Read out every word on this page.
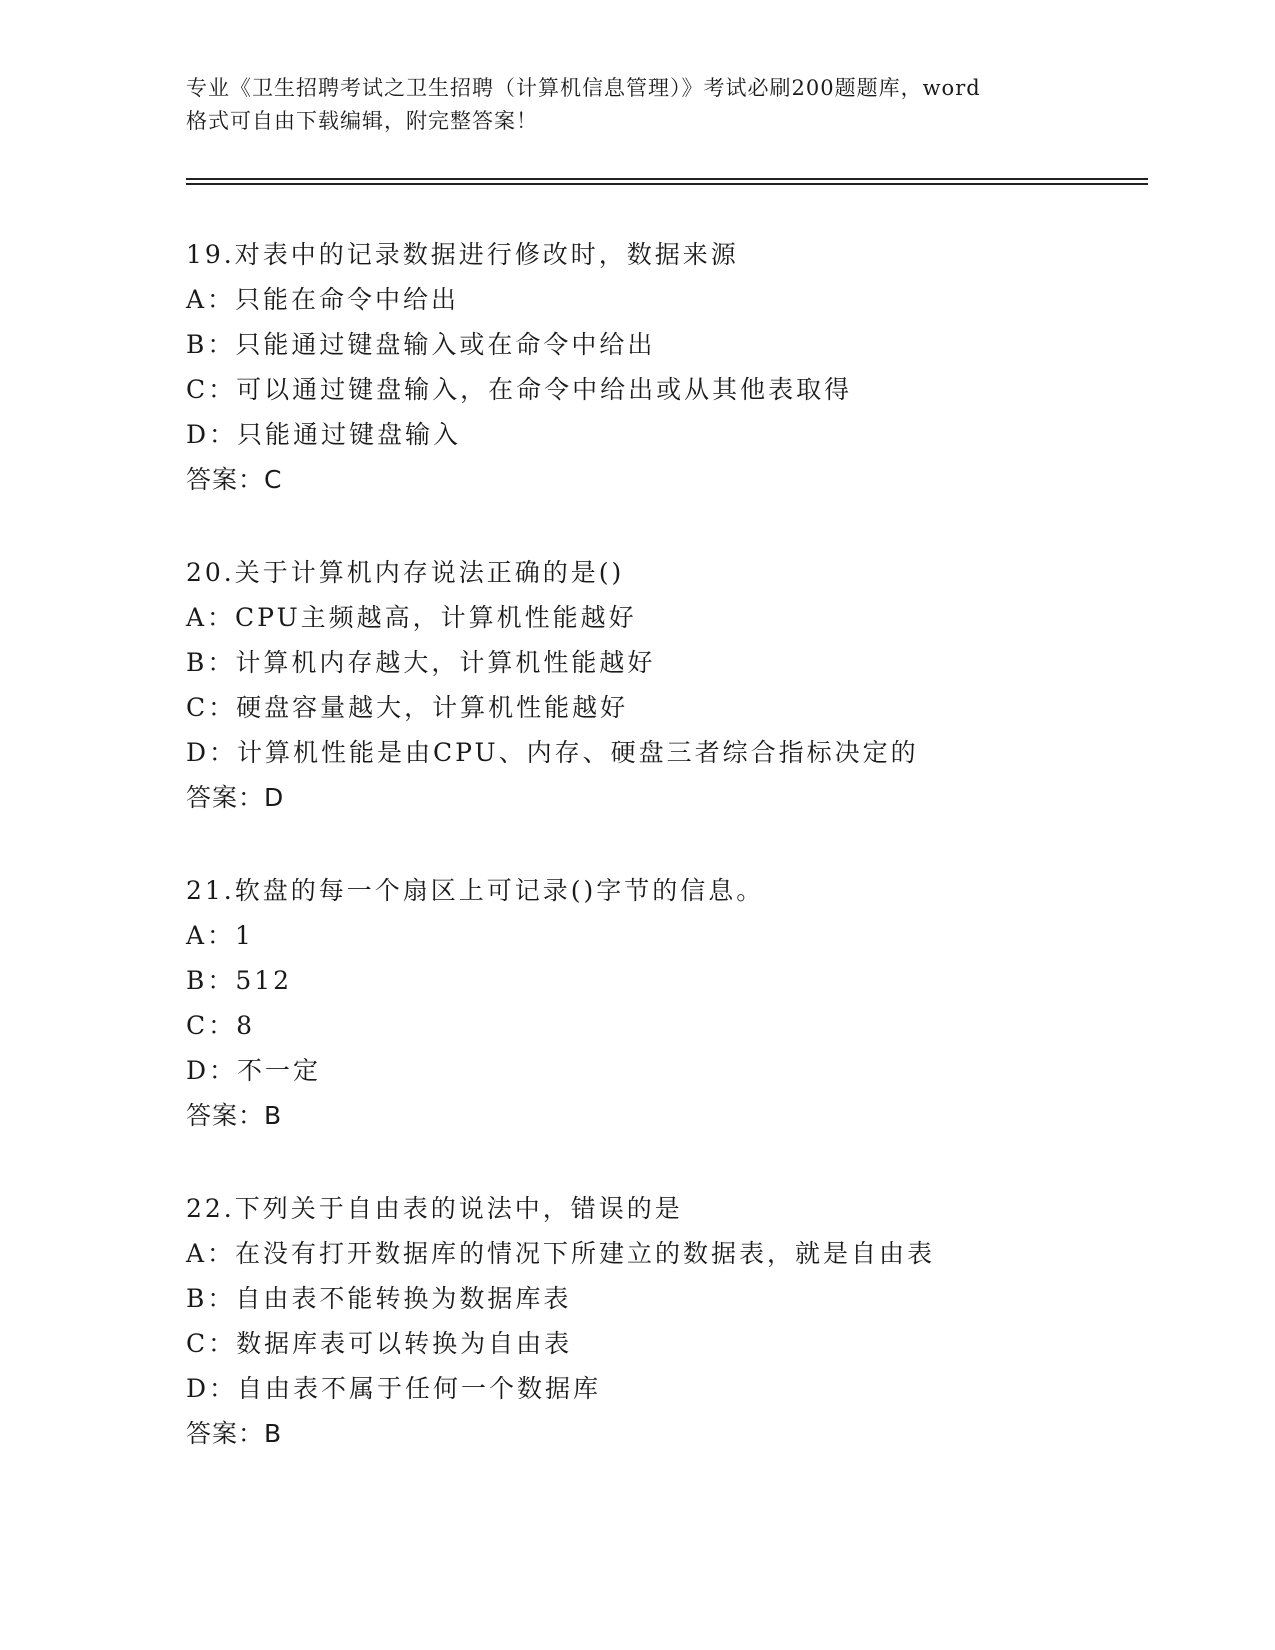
专业《卫生招聘考试之卫生招聘（计算机信息管理）》考试必刷200题题库，word
格式可自由下载编辑，附完整答案！
19.对表中的记录数据进行修改时，数据来源
A：只能在命令中给出
B：只能通过键盘输入或在命令中给出
C：可以通过键盘输入，在命令中给出或从其他表取得
D：只能通过键盘输入
答案：C
20.关于计算机内存说法正确的是()
A：CPU主频越高，计算机性能越好
B：计算机内存越大，计算机性能越好
C：硬盘容量越大，计算机性能越好
D：计算机性能是由CPU、内存、硬盘三者综合指标决定的
答案：D
21.软盘的每一个扇区上可记录()字节的信息。
A：1
B：512
C：8
D：不一定
答案：B
22.下列关于自由表的说法中，错误的是
A：在没有打开数据库的情况下所建立的数据表，就是自由表
B：自由表不能转换为数据库表
C：数据库表可以转换为自由表
D：自由表不属于任何一个数据库
答案：B
